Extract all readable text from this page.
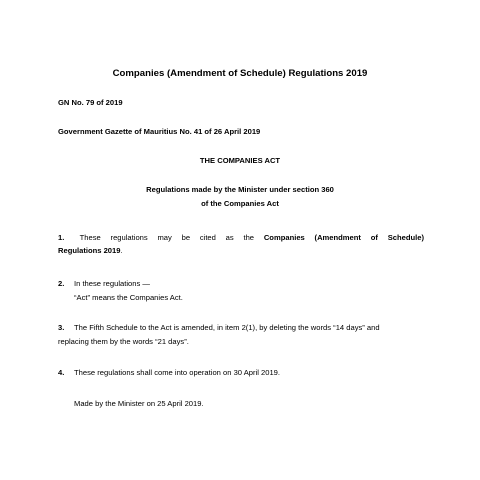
Companies (Amendment of Schedule) Regulations 2019
GN No. 79 of 2019
Government Gazette of Mauritius No. 41 of 26 April 2019
THE COMPANIES ACT
Regulations made by the Minister under section 360
of the Companies Act
1. These regulations may be cited as the Companies (Amendment of Schedule)
Regulations 2019.
2. In these regulations —
“Act” means the Companies Act.
3. The Fifth Schedule to the Act is amended, in item 2(1), by deleting the words “14 days” and
replacing them by the words “21 days”.
4. These regulations shall come into operation on 30 April 2019.
Made by the Minister on 25 April 2019.
